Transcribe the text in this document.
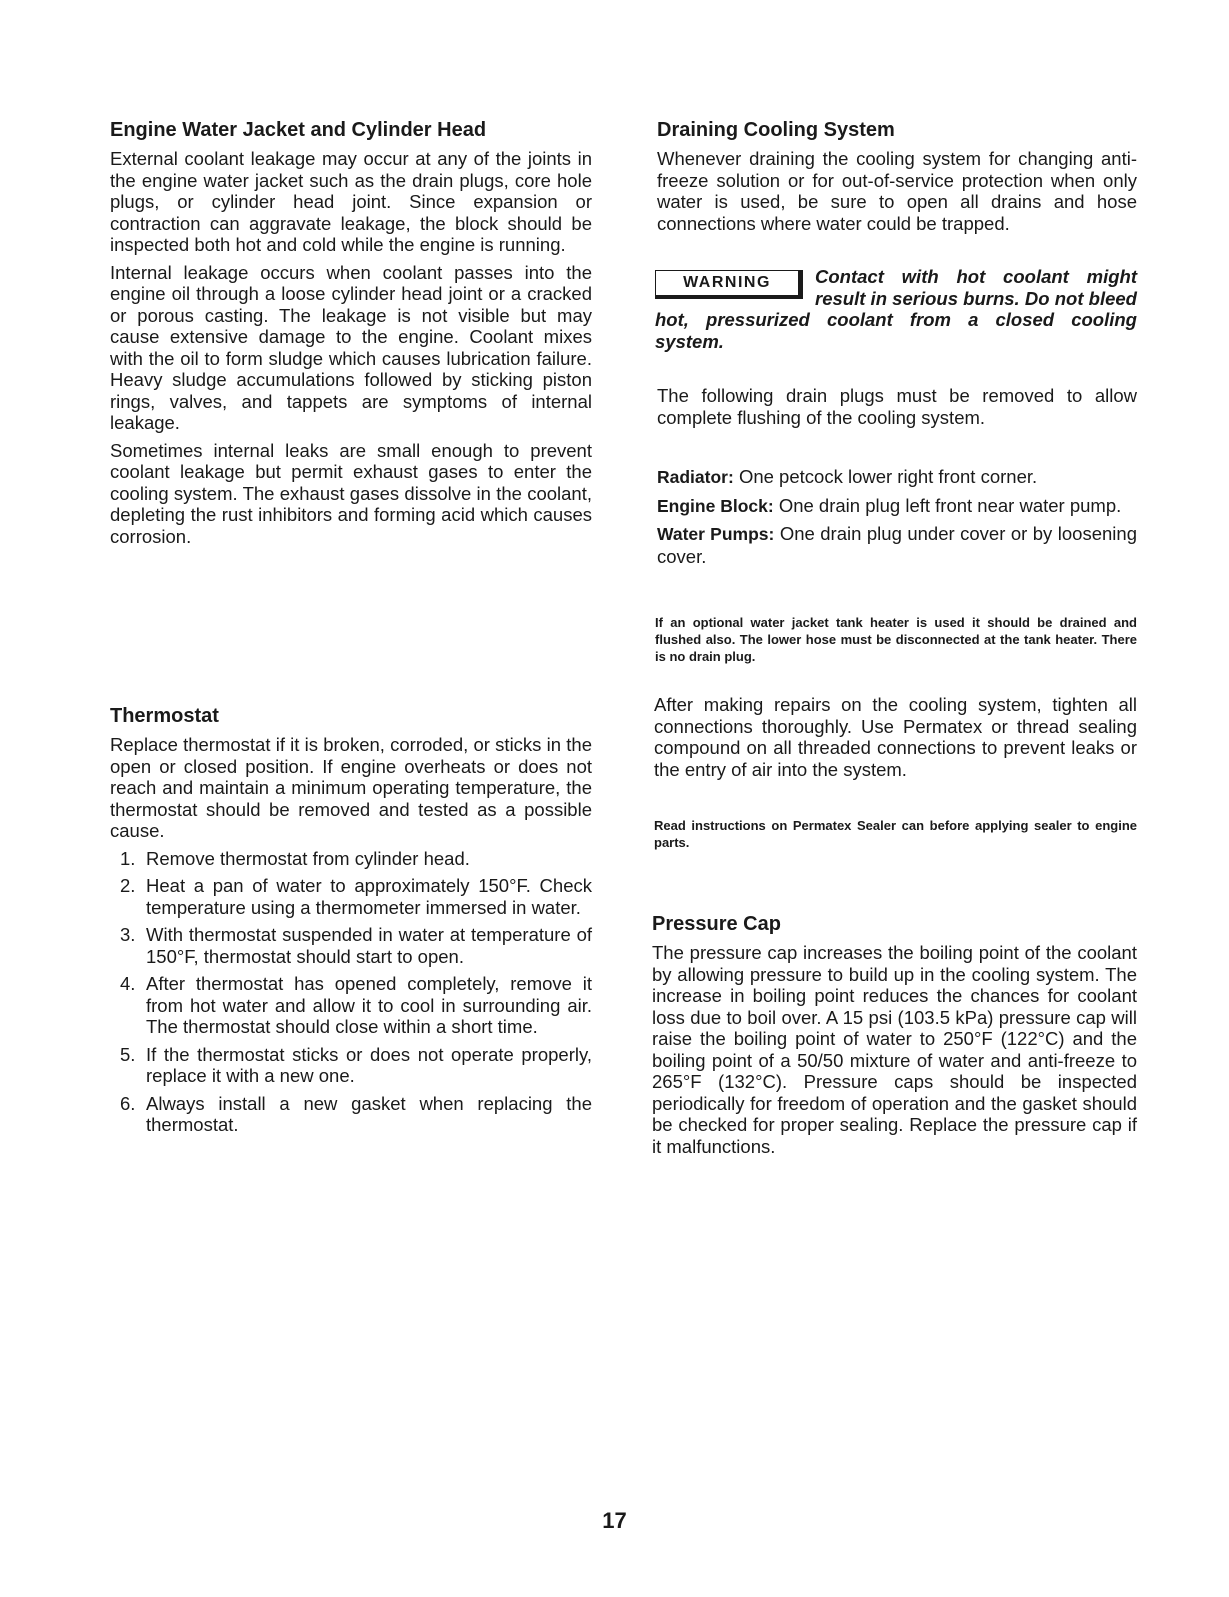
Engine Water Jacket and Cylinder Head

External coolant leakage may occur at any of the joints in the engine water jacket such as the drain plugs, core hole plugs, or cylinder head joint. Since expansion or contraction can aggravate leakage, the block should be inspected both hot and cold while the engine is running.

Internal leakage occurs when coolant passes into the engine oil through a loose cylinder head joint or a cracked or porous casting. The leakage is not visible but may cause extensive damage to the engine. Coolant mixes with the oil to form sludge which causes lubrication failure. Heavy sludge accumulations followed by sticking piston rings, valves, and tappets are symptoms of internal leakage.

Sometimes internal leaks are small enough to prevent coolant leakage but permit exhaust gases to enter the cooling system. The exhaust gases dissolve in the coolant, depleting the rust inhibitors and forming acid which causes corrosion.

Thermostat

Replace thermostat if it is broken, corroded, or sticks in the open or closed position. If engine overheats or does not reach and maintain a minimum operating temperature, the thermostat should be removed and tested as a possible cause.

1. Remove thermostat from cylinder head.
2. Heat a pan of water to approximately 150°F. Check temperature using a thermometer immersed in water.
3. With thermostat suspended in water at temperature of 150°F, thermostat should start to open.
4. After thermostat has opened completely, remove it from hot water and allow it to cool in surrounding air. The thermostat should close within a short time.
5. If the thermostat sticks or does not operate properly, replace it with a new one.
6. Always install a new gasket when replacing the thermostat.
Draining Cooling System

Whenever draining the cooling system for changing anti-freeze solution or for out-of-service protection when only water is used, be sure to open all drains and hose connections where water could be trapped.

WARNING	Contact with hot coolant might result in serious burns. Do not bleed hot, pressurized coolant from a closed cooling system.

The following drain plugs must be removed to allow complete flushing of the cooling system.

Radiator: One petcock lower right front corner.

Engine Block: One drain plug left front near water pump.

Water Pumps: One drain plug under cover or by loosening cover.

If an optional water jacket tank heater is used it should be drained and flushed also. The lower hose must be disconnected at the tank heater. There is no drain plug.

After making repairs on the cooling system, tighten all connections thoroughly. Use Permatex or thread sealing compound on all threaded connections to prevent leaks or the entry of air into the system.

Read instructions on Permatex Sealer can before applying sealer to engine parts.

Pressure Cap

The pressure cap increases the boiling point of the coolant by allowing pressure to build up in the cooling system. The increase in boiling point reduces the chances for coolant loss due to boil over. A 15 psi (103.5 kPa) pressure cap will raise the boiling point of water to 250°F (122°C) and the boiling point of a 50/50 mixture of water and anti-freeze to 265°F (132°C). Pressure caps should be inspected periodically for freedom of operation and the gasket should be checked for proper sealing. Replace the pressure cap if it malfunctions.

17
